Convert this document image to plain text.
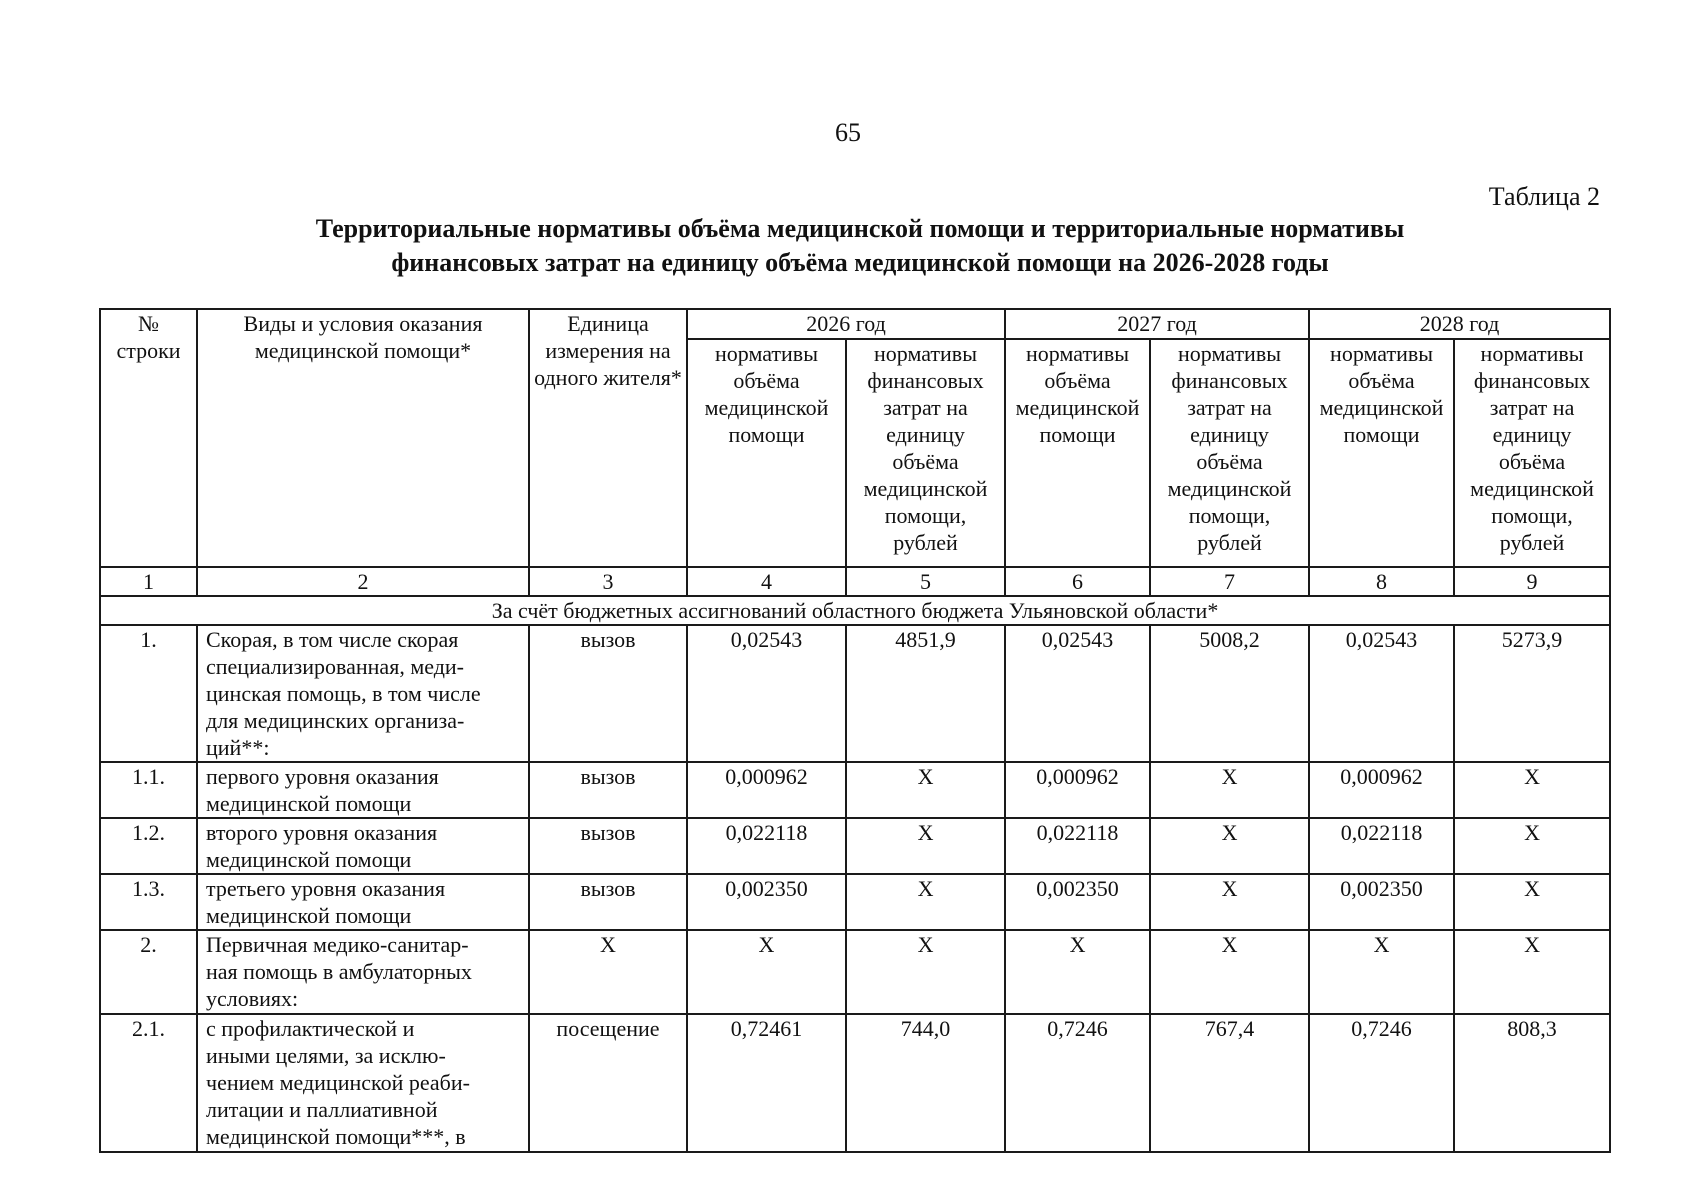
65
Таблица 2
Территориальные нормативы объёма медицинской помощи и территориальные нормативы
финансовых затрат на единицу объёма медицинской помощи на 2026-2028 годы
№ строки	Виды и условия оказания медицинской помощи*	Единица измерения на одного жителя*	2026 год		2027 год		2028 год	
			нормативы объёма медицинской помощи	нормативы финансовых затрат на единицу объёма медицинской помощи, рублей	нормативы объёма медицинской помощи	нормативы финансовых затрат на единицу объёма медицинской помощи, рублей	нормативы объёма медицинской помощи	нормативы финансовых затрат на единицу объёма медицинской помощи, рублей
1	2	3	4	5	6	7	8	9
За счёт бюджетных ассигнований областного бюджета Ульяновской области*								
1.	Скорая, в том числе скорая
специализированная, меди-
цинская помощь, в том числе
для медицинских организа-
ций**:	вызов	0,02543	4851,9	0,02543	5008,2	0,02543	5273,9
1.1.	первого уровня оказания
медицинской помощи	вызов	0,000962	X	0,000962	X	0,000962	X
1.2.	второго уровня оказания
медицинской помощи	вызов	0,022118	X	0,022118	X	0,022118	X
1.3.	третьего уровня оказания
медицинской помощи	вызов	0,002350	X	0,002350	X	0,002350	X
2.	Первичная медико-санитар-
ная помощь в амбулаторных
условиях:	X	X	X	X	X	X	X
2.1.	с профилактической и
иными целями, за исклю-
чением медицинской реаби-
литации и паллиативной
медицинской помощи***, в	посещение	0,72461	744,0	0,7246	767,4	0,7246	808,3
